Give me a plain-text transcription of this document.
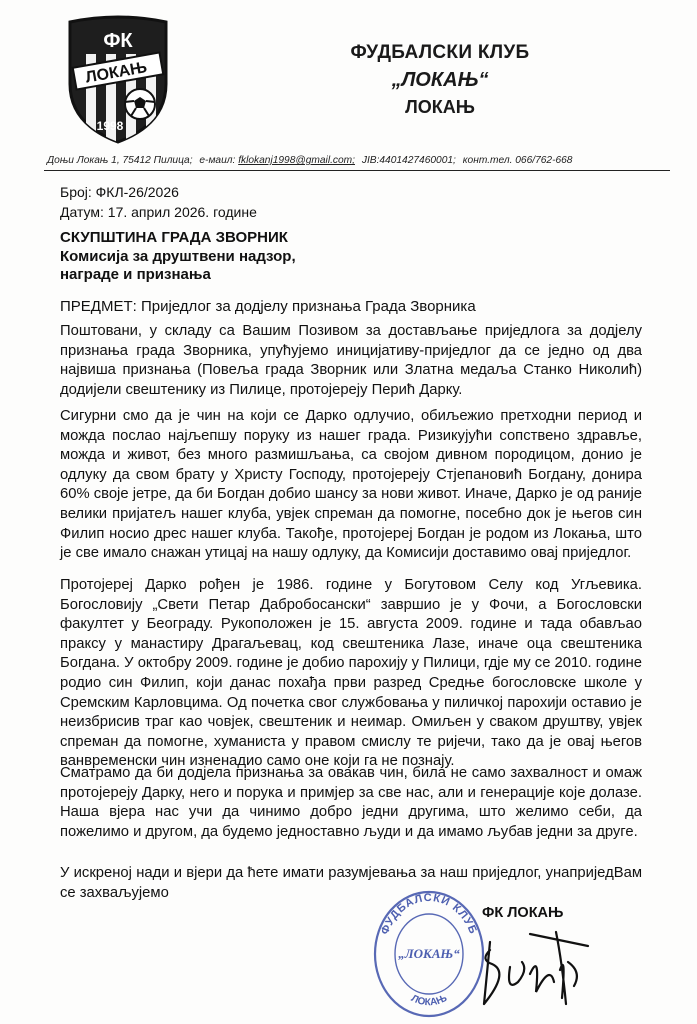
ФК
ЛОКАЊ
1998
ФУДБАЛСКИ КЛУБ
„ЛОКАЊ“
ЛОКАЊ
Доњи Локањ 1, 75412 Пилица; е-маил: fklokanj1998@gmail.com; JIB:4401427460001; конт.тел. 066/762-668
Број: ФКЛ-26/2026
Датум: 17. април 2026. године
СКУПШТИНА ГРАДА ЗВОРНИК
Комисија за друштвени надзор,
награде и признања
ПРЕДМЕТ: Приједлог за додјелу признања Града Зворника

Поштовани, у складу са Вашим Позивом за достављање приједлога за додјелу признања града Зворника, упућујемо иницијативу-приједлог да се једно од два највиша признања (Повеља града Зворник или Златна медаља Станко Николић) додијели свештенику из Пилице, протојереју Перић Дарку.

Сигурни смо да је чин на који се Дарко одлучио, обиљежио претходни период и можда послао најљепшу поруку из нашег града. Ризикујући сопствено здравље, можда и живот, без много размишљања, са својом дивном породицом, донио је одлуку да свом брату у Христу Господу, протојереју Стјепановић Богдану, донира 60% своје јетре, да би Богдан добио шансу за нови живот. Иначе, Дарко је од раније велики пријатељ нашег клуба, увјек спреман да помогне, посебно док је његов син Филип носио дрес нашег клуба. Такође, протојереј Богдан је родом из Локања, што је све имало снажан утицај на нашу одлуку, да Комисији доставимо овај приједлог.

Протојереј Дарко рођен је 1986. године у Богутовом Селу код Угљевика. Богословију „Свети Петар Дабробосански“ завршио је у Фочи, а Богословски факултет у Београду. Рукоположен је 15. августа 2009. године и тада обављао праксу у манастиру Драгаљевац, код свештеника Лазе, иначе оца свештеника Богдана. У октобру 2009. године је добио парохију у Пилици, гдје му се 2010. године родио син Филип, који данас похађа први разред Средње богословске школе у Сремским Карловцима. Од почетка свог службовања у пиличкој парохији оставио је неизбрисив траг као човјек, свештеник и неимар. Омиљен у сваком друштву, увјек спреман да помогне, хуманиста у правом смислу те ријечи, тако да је овај његов ванвременски чин изненадио само оне који га не познају.

Сматрамо да би додјела признања за овакав чин, била не само захвалност и омаж протојереју Дарку, него и порука и примјер за све нас, али и генерације које долазе. Наша вјера нас учи да чинимо добро једни другима, што желимо себи, да пожелимо и другом, да будемо једноставно људи и да имамо љубав једни за друге.

У искреној нади и вјери да ћете имати разумјевања за наш приједлог, унаприједВам се захваљујемо

ФУДБАЛСКИ КЛУБ
„ЛОКАЊ“
ЛОКАЊ
ФК ЛОКАЊ
